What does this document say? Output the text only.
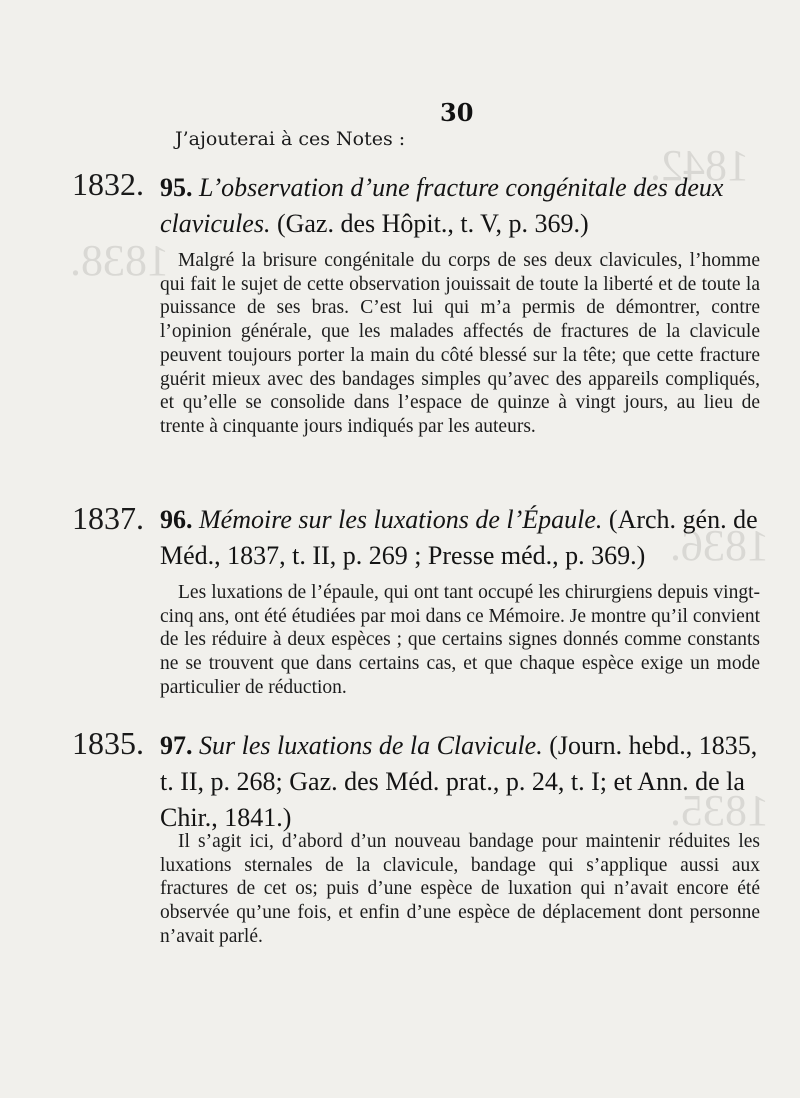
1842.
1838.
1836.
1835.
30
J’ajouterai à ces Notes :
1832. 95. L’observation d’une fracture congénitale des deux clavicules. (Gaz. des Hôpit., t. V, p. 369.)
Malgré la brisure congénitale du corps de ses deux clavicules, l’homme qui fait le sujet de cette observation jouissait de toute la liberté et de toute la puissance de ses bras. C’est lui qui m’a permis de démontrer, contre l’opinion générale, que les malades affectés de fractures de la clavicule peuvent toujours porter la main du côté blessé sur la tête; que cette fracture guérit mieux avec des bandages simples qu’avec des appareils compliqués, et qu’elle se consolide dans l’espace de quinze à vingt jours, au lieu de trente à cinquante jours indiqués par les auteurs.
1837. 96. Mémoire sur les luxations de l’Épaule. (Arch. gén. de Méd., 1837, t. II, p. 269 ; Presse méd., p. 369.)
Les luxations de l’épaule, qui ont tant occupé les chirurgiens depuis vingt-cinq ans, ont été étudiées par moi dans ce Mémoire. Je montre qu’il convient de les réduire à deux espèces ; que certains signes donnés comme constants ne se trouvent que dans certains cas, et que chaque espèce exige un mode particulier de réduction.
1835. 97. Sur les luxations de la Clavicule. (Journ. hebd., 1835, t. II, p. 268; Gaz. des Méd. prat., p. 24, t. I; et Ann. de la Chir., 1841.)
Il s’agit ici, d’abord d’un nouveau bandage pour maintenir réduites les luxations sternales de la clavicule, bandage qui s’applique aussi aux fractures de cet os; puis d’une espèce de luxation qui n’avait encore été observée qu’une fois, et enfin d’une espèce de déplacement dont personne n’avait parlé.
